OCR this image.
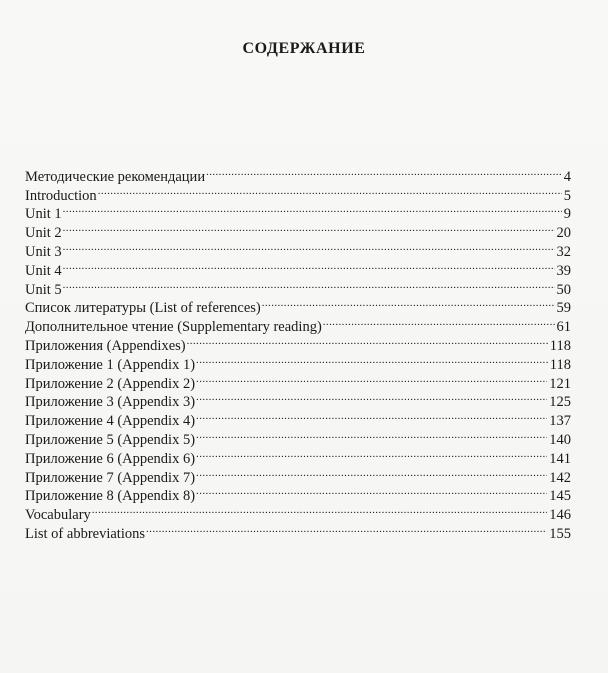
СОДЕРЖАНИЕ
Методические рекомендации .....	4
Introduction .....	5
Unit 1 .....	9
Unit 2 .....	20
Unit 3 .....	32
Unit 4 .....	39
Unit 5 .....	50
Список литературы (List of references) .....	59
Дополнительное чтение (Supplementary reading) .....	61
Приложения (Appendixes) .....	118
Приложение 1 (Appendix 1) .....	118
Приложение 2 (Appendix 2) .....	121
Приложение 3 (Appendix 3) .....	125
Приложение 4 (Appendix 4) .....	137
Приложение 5 (Appendix 5) .....	140
Приложение 6 (Appendix 6) .....	141
Приложение 7 (Appendix 7) .....	142
Приложение 8 (Appendix 8) .....	145
Vocabulary .....	146
List of abbreviations .....	155
